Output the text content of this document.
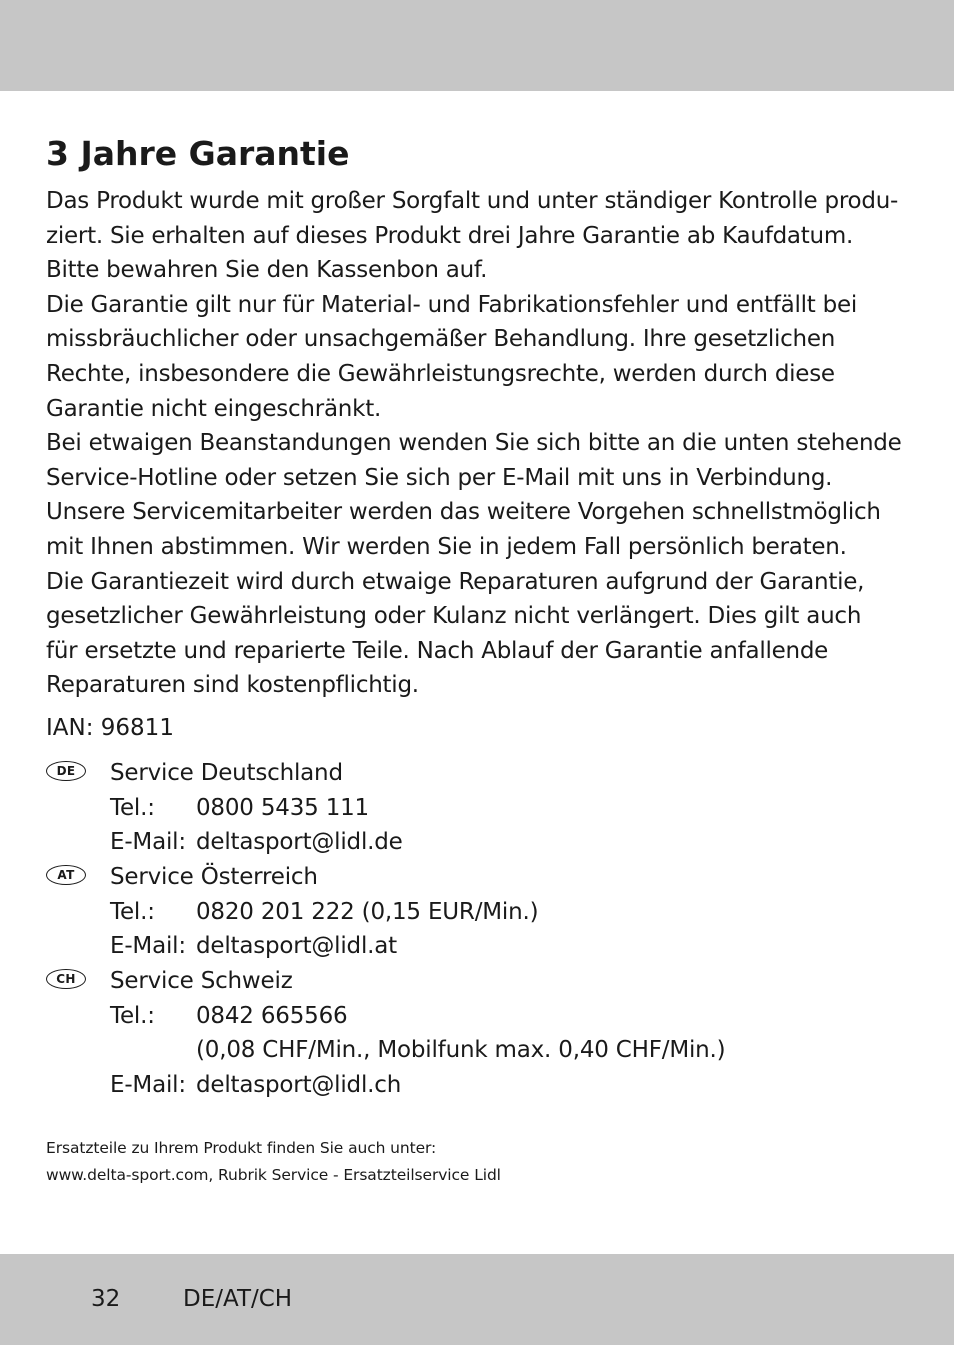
3 Jahre Garantie
Das Produkt wurde mit großer Sorgfalt und unter ständiger Kontrolle produ-
ziert. Sie erhalten auf dieses Produkt drei Jahre Garantie ab Kaufdatum.
Bitte bewahren Sie den Kassenbon auf.
Die Garantie gilt nur für Material- und Fabrikationsfehler und entfällt bei
missbräuchlicher oder unsachgemäßer Behandlung. Ihre gesetzlichen
Rechte, insbesondere die Gewährleistungsrechte, werden durch diese
Garantie nicht eingeschränkt.
Bei etwaigen Beanstandungen wenden Sie sich bitte an die unten stehende
Service-Hotline oder setzen Sie sich per E-Mail mit uns in Verbindung.
Unsere Servicemitarbeiter werden das weitere Vorgehen schnellstmöglich
mit Ihnen abstimmen. Wir werden Sie in jedem Fall persönlich beraten.
Die Garantiezeit wird durch etwaige Reparaturen aufgrund der Garantie,
gesetzlicher Gewährleistung oder Kulanz nicht verlängert. Dies gilt auch
für ersetzte und reparierte Teile. Nach Ablauf der Garantie anfallende
Reparaturen sind kostenpflichtig.
IAN: 96811
DE	Service Deutschland
Tel.: 0800 5435 111
E-Mail: deltasport@lidl.de
AT	Service Österreich
Tel.: 0820 201 222 (0,15 EUR/Min.)
E-Mail: deltasport@lidl.at
CH	Service Schweiz
Tel.: 0842 665566
(0,08 CHF/Min., Mobilfunk max. 0,40 CHF/Min.)
E-Mail: deltasport@lidl.ch
Ersatzteile zu Ihrem Produkt finden Sie auch unter:
www.delta-sport.com, Rubrik Service - Ersatzteilservice Lidl
32	DE/AT/CH
